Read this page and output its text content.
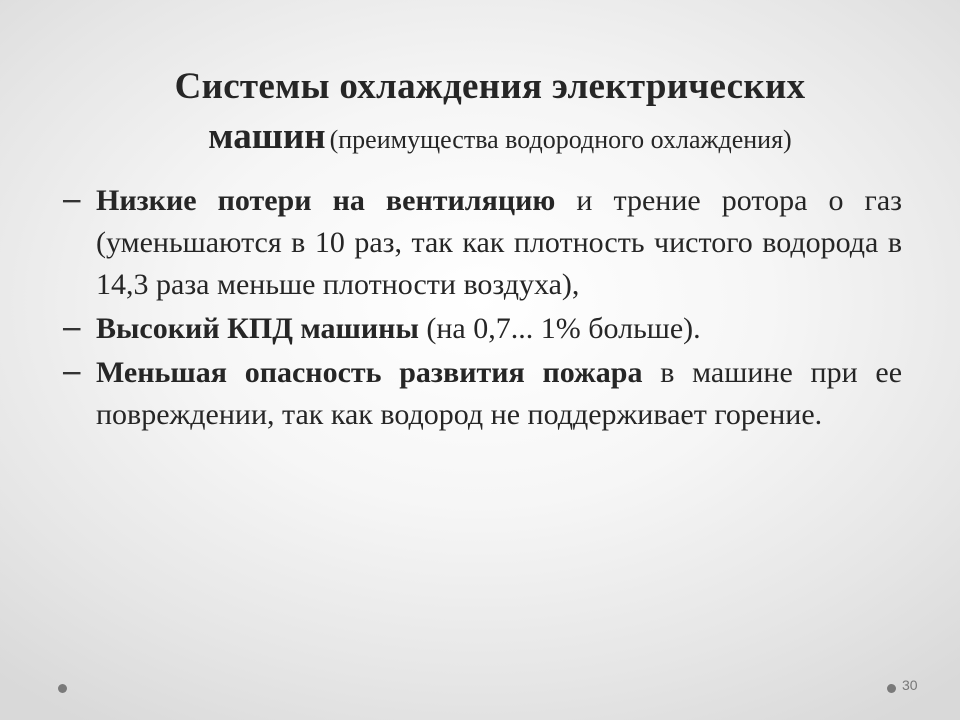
Системы охлаждения электрических
машин (преимущества водородного охлаждения)
− Низкие потери на вентиляцию и трение ротора о газ (уменьшаются в 10 раз, так как плотность чистого водорода в 14,3 раза меньше плотности воздуха),
− Высокий КПД машины (на 0,7... 1% больше).
− Меньшая опасность развития пожара в машине при ее повреждении, так как водород не поддерживает горение.
30
